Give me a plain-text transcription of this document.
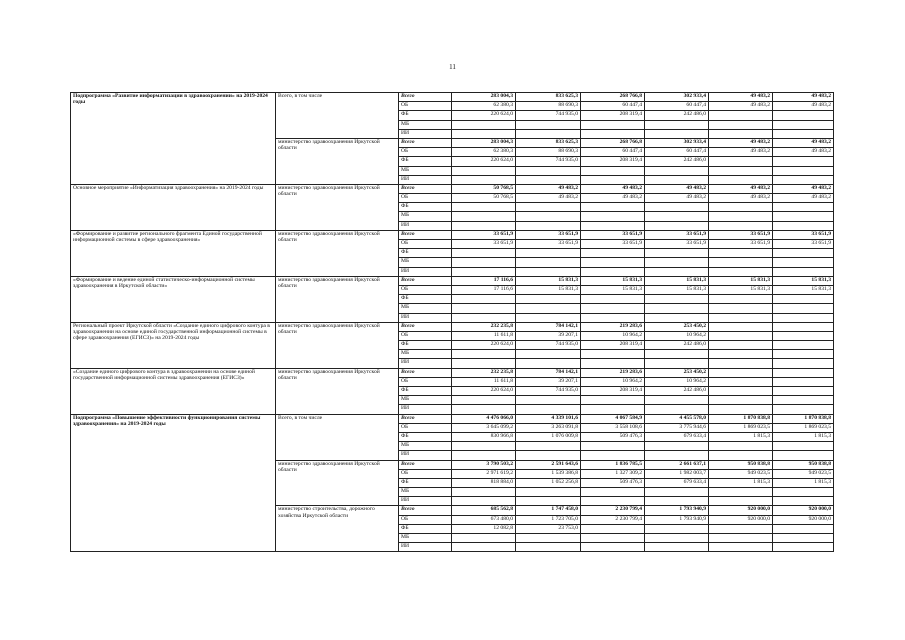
11
Подпрограмма «Развитие информатизации в здравоохранении» на 2019-2024 годы	Всего, в том числе	Всего	283 004,3	833 625,3	268 766,8	302 933,4	49 483,2	49 483,2
		ОБ	62 380,3	88 690,3	60 447,4	60 447,4	49 483,2	49 483,2
		ФБ	220 624,0	744 935,0	208 319,4	242 486,0		
		МБ						
		ИИ						
	министерство здравоохранения Иркутской области	Всего	283 004,3	833 625,3	268 766,8	302 933,4	49 483,2	49 483,2
		ОБ	62 380,3	88 690,3	60 447,4	60 447,4	49 483,2	49 483,2
		ФБ	220 624,0	744 935,0	208 319,4	242 486,0		
		МБ						
		ИИ						
Основное мероприятие «Информатизация здравоохранения» на 2019-2024 годы	министерство здравоохранения Иркутской области	Всего	50 768,5	49 483,2	49 483,2	49 483,2	49 483,2	49 483,2
		ОБ	50 768,5	49 483,2	49 483,2	49 483,2	49 483,2	49 483,2
		ФБ						
		МБ						
		ИИ						
«Формирование и развитие регионального фрагмента Единой государственной информационной системы в сфере здравоохранения»	министерство здравоохранения Иркутской области	Всего	33 651,9	33 651,9	33 651,9	33 651,9	33 651,9	33 651,9
		ОБ	33 651,9	33 651,9	33 651,9	33 651,9	33 651,9	33 651,9
		ФБ						
		МБ						
		ИИ						
«Формирование и ведение единой статистическо-информационной системы здравоохранения в Иркутской области»	министерство здравоохранения Иркутской области	Всего	17 116,6	15 831,3	15 831,3	15 831,3	15 831,3	15 831,3
		ОБ	17 116,6	15 831,3	15 831,3	15 831,3	15 831,3	15 831,3
		ФБ						
		МБ						
		ИИ						
Региональный проект Иркутской области «Создание единого цифрового контура в здравоохранении на основе единой государственной информационной системы в сфере здравоохранения (ЕГИСЗ)» на 2019-2024 годы	министерство здравоохранения Иркутской области	Всего	232 235,8	784 142,1	219 283,6	253 450,2		
		ОБ	11 611,8	39 207,1	10 964,2	10 964,2		
		ФБ	220 624,0	744 935,0	208 319,4	242 486,0		
		МБ						
		ИИ						
«Создание единого цифрового контура в здравоохранении на основе единой государственной информационной системы здравоохранения (ЕГИСЗ)»	министерство здравоохранения Иркутской области	Всего	232 235,8	784 142,1	219 283,6	253 450,2		
		ОБ	11 611,8	39 207,1	10 964,2	10 964,2		
		ФБ	220 624,0	744 935,0	208 319,4	242 486,0		
		МБ						
		ИИ						
Подпрограмма «Повышение эффективности функционирования системы здравоохранения» на 2019-2024 годы	Всего, в том числе	Всего	4 476 066,0	4 339 101,6	4 067 584,9	4 455 578,0	1 870 838,8	1 870 838,8
		ОБ	3 645 099,2	3 263 091,8	3 558 108,6	3 775 944,6	1 869 023,5	1 869 023,5
		ФБ	830 966,8	1 076 009,8	509 476,3	679 633,4	1 815,3	1 815,3
		МБ						
		ИИ						
	министерство здравоохранения Иркутской области	Всего	3 790 503,2	2 591 643,6	1 836 785,5	2 661 637,1	950 838,8	950 838,8
		ОБ	2 971 619,2	1 539 386,8	1 327 309,2	1 982 003,7	949 023,5	949 023,5
		ФБ	818 884,0	1 052 256,8	509 476,3	679 633,4	1 815,3	1 815,3
		МБ						
		ИИ						
	министерство строительства, дорожного хозяйства Иркутской области	Всего	685 562,8	1 747 458,0	2 230 799,4	1 793 940,9	920 000,0	920 000,0
		ОБ	673 480,0	1 723 705,0	2 230 799,4	1 793 940,9	920 000,0	920 000,0
		ФБ	12 082,8	23 753,0				
		МБ						
		ИИ						
